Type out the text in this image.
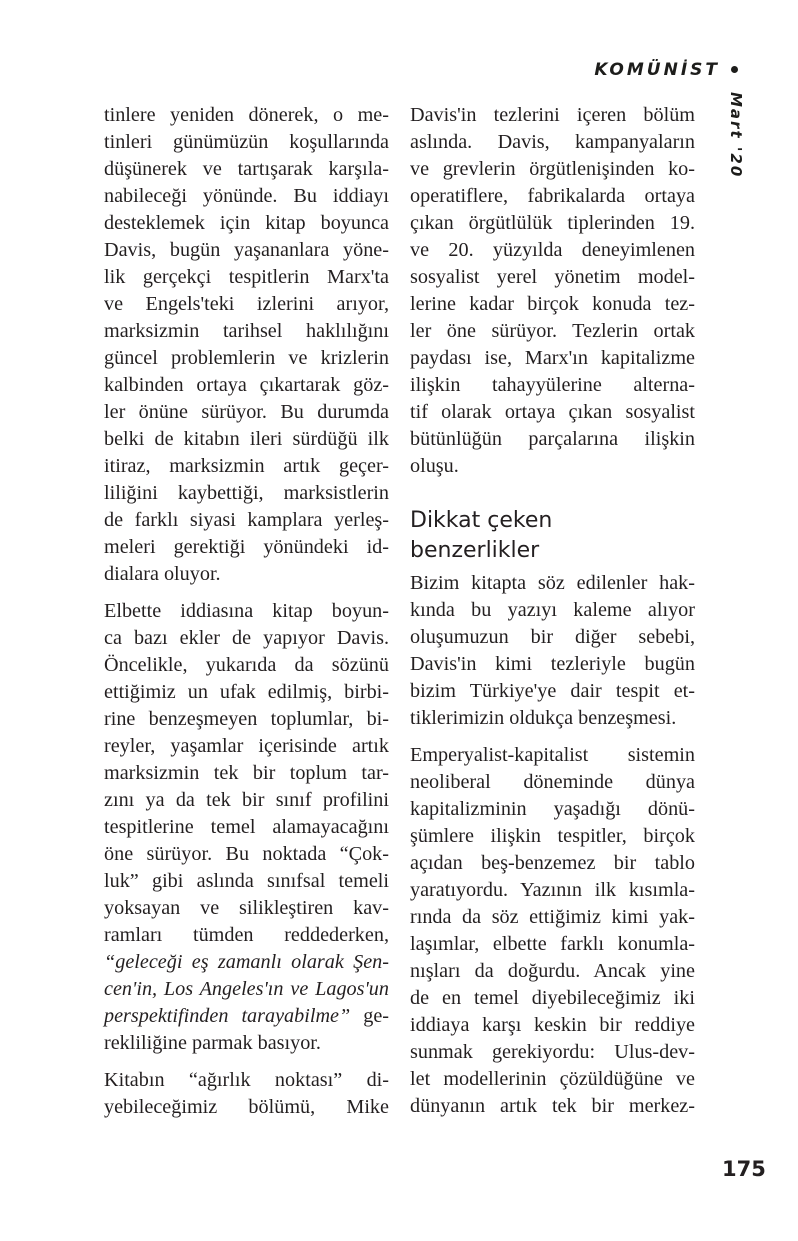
KOMÜNİST
Mart '20

tinlere yeniden dönerek, o me-
tinleri günümüzün koşullarında
düşünerek ve tartışarak karşıla-
nabileceği yönünde. Bu iddiayı
desteklemek için kitap boyunca
Davis, bugün yaşananlara yöne-
lik gerçekçi tespitlerin Marx'ta
ve Engels'teki izlerini arıyor,
marksizmin tarihsel haklılığını
güncel problemlerin ve krizlerin
kalbinden ortaya çıkartarak göz-
ler önüne sürüyor. Bu durumda
belki de kitabın ileri sürdüğü ilk
itiraz, marksizmin artık geçer-
liliğini kaybettiği, marksistlerin
de farklı siyasi kamplara yerleş-
meleri gerektiği yönündeki id-
dialara oluyor.

Elbette iddiasına kitap boyun-
ca bazı ekler de yapıyor Davis.
Öncelikle, yukarıda da sözünü
ettiğimiz un ufak edilmiş, birbi-
rine benzeşmeyen toplumlar, bi-
reyler, yaşamlar içerisinde artık
marksizmin tek bir toplum tar-
zını ya da tek bir sınıf profilini
tespitlerine temel alamayacağını
öne sürüyor. Bu noktada “Çok-
luk” gibi aslında sınıfsal temeli
yoksayan ve silikleştiren kav-
ramları tümden reddederken,
“geleceği eş zamanlı olarak Şen-
cen'in, Los Angeles'ın ve Lagos'un
perspektifinden tarayabilme” ge-
rekliliğine parmak basıyor.

Kitabın “ağırlık noktası” di-
yebileceğimiz bölümü, Mike

Davis'in tezlerini içeren bölüm
aslında. Davis, kampanyaların
ve grevlerin örgütlenişinden ko-
operatiflere, fabrikalarda ortaya
çıkan örgütlülük tiplerinden 19.
ve 20. yüzyılda deneyimlenen
sosyalist yerel yönetim model-
lerine kadar birçok konuda tez-
ler öne sürüyor. Tezlerin ortak
paydası ise, Marx'ın kapitalizme
ilişkin tahayyülerine alterna-
tif olarak ortaya çıkan sosyalist
bütünlüğün parçalarına ilişkin
oluşu.

Dikkat çeken
benzerlikler

Bizim kitapta söz edilenler hak-
kında bu yazıyı kaleme alıyor
oluşumuzun bir diğer sebebi,
Davis'in kimi tezleriyle bugün
bizim Türkiye'ye dair tespit et-
tiklerimizin oldukça benzeşmesi.

Emperyalist-kapitalist sistemin
neoliberal döneminde dünya
kapitalizminin yaşadığı dönü-
şümlere ilişkin tespitler, birçok
açıdan beş-benzemez bir tablo
yaratıyordu. Yazının ilk kısımla-
rında da söz ettiğimiz kimi yak-
laşımlar, elbette farklı konumla-
nışları da doğurdu. Ancak yine
de en temel diyebileceğimiz iki
iddiaya karşı keskin bir reddiye
sunmak gerekiyordu: Ulus-dev-
let modellerinin çözüldüğüne ve
dünyanın artık tek bir merkez-

175
